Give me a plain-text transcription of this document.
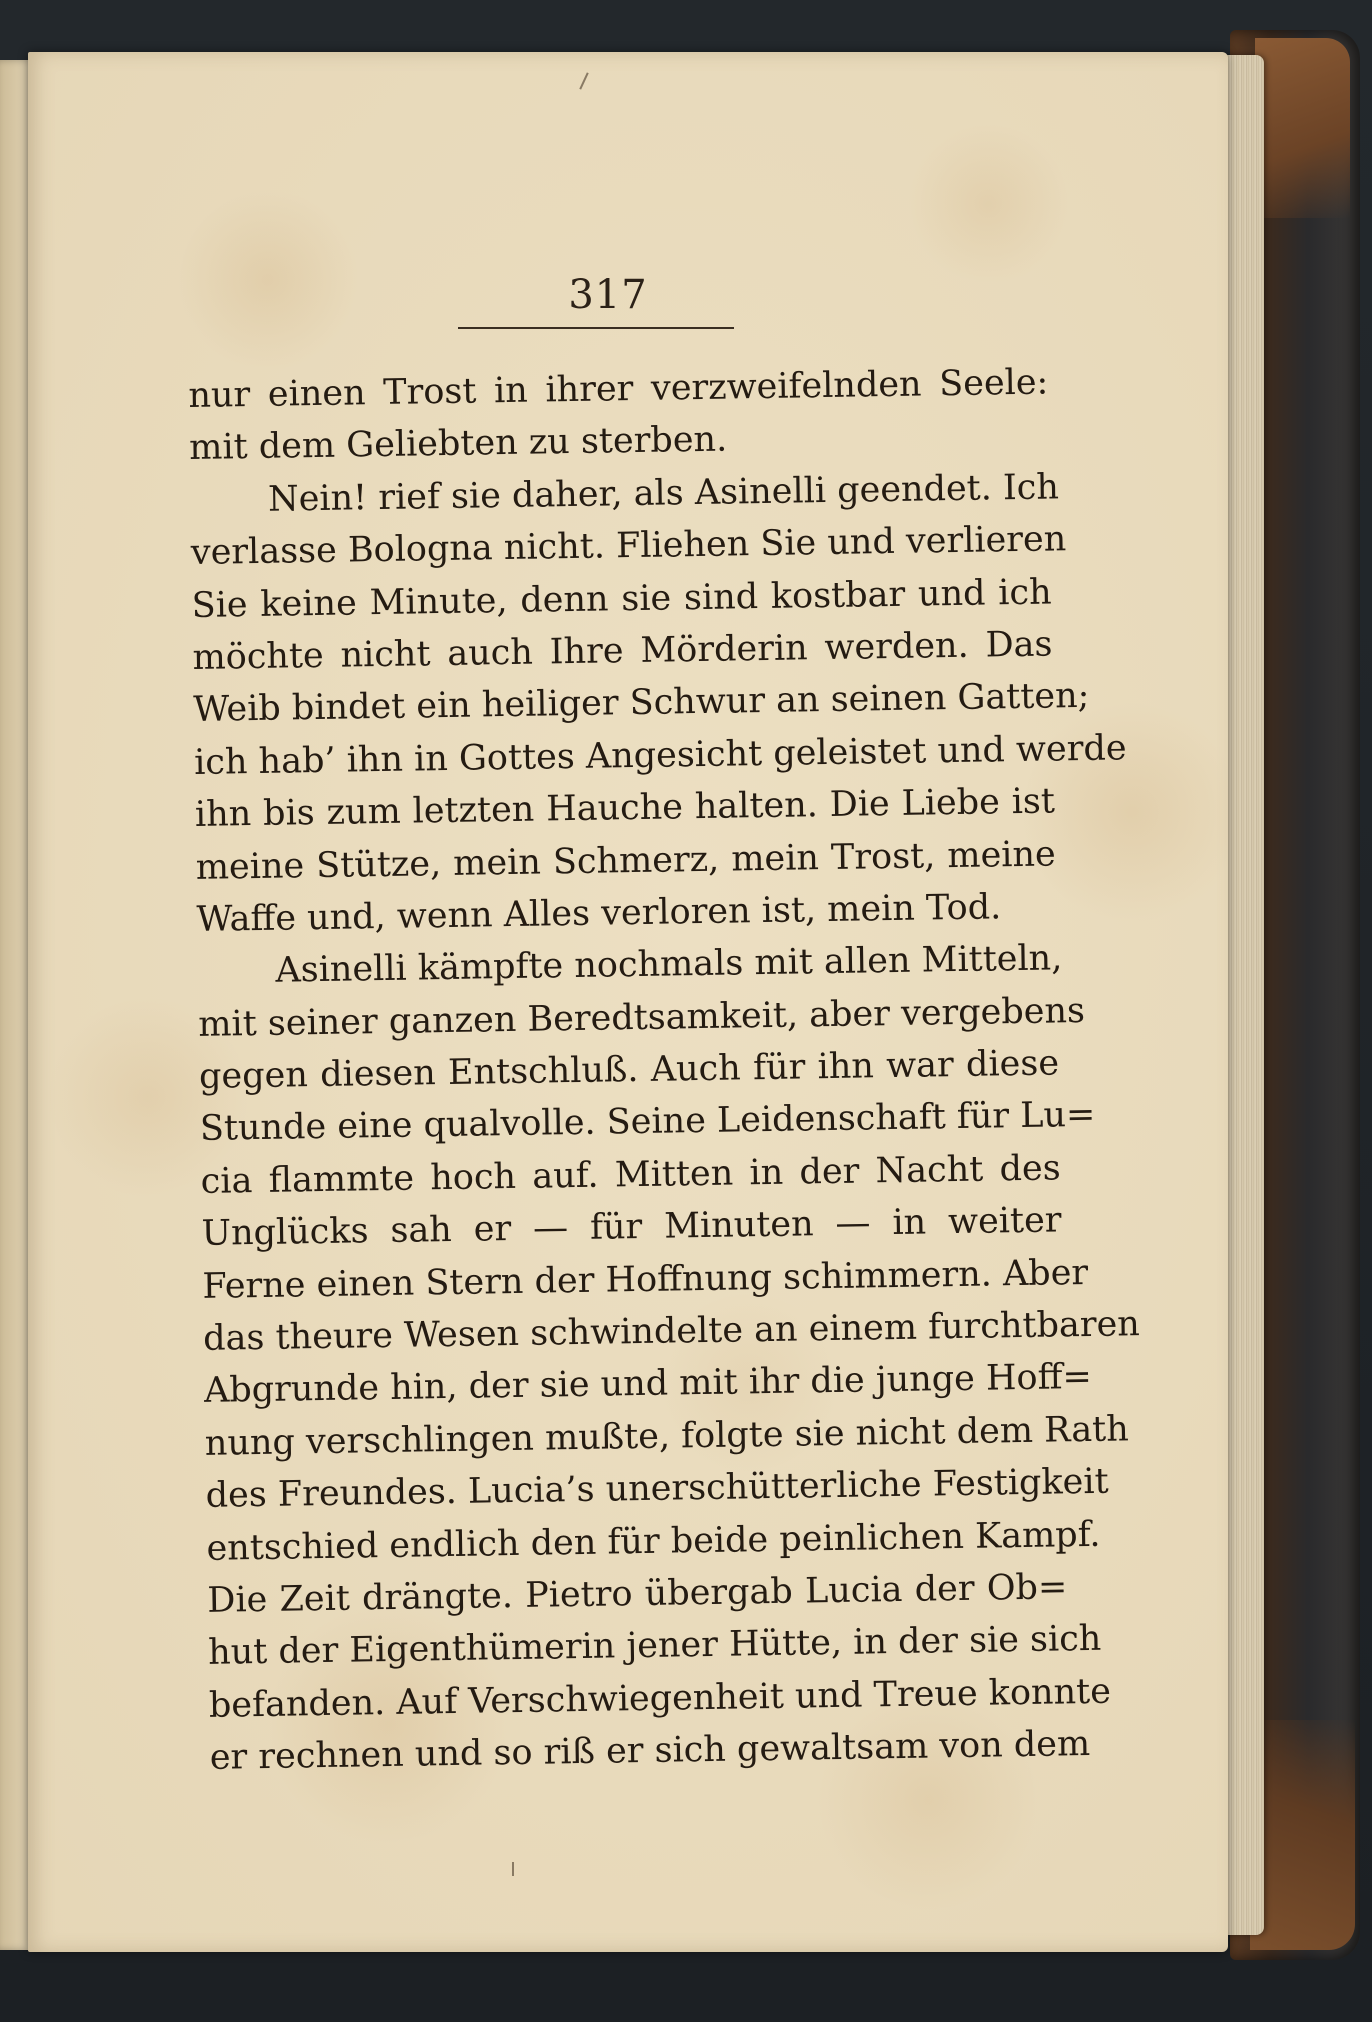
317
nur einen Trost in ihrer verzweifelnden Seele:
mit dem Geliebten zu sterben.
Nein! rief sie daher, als Asinelli geendet. Ich
verlasse Bologna nicht. Fliehen Sie und verlieren
Sie keine Minute, denn sie sind kostbar und ich
möchte nicht auch Ihre Mörderin werden. Das
Weib bindet ein heiliger Schwur an seinen Gatten;
ich hab’ ihn in Gottes Angesicht geleistet und werde
ihn bis zum letzten Hauche halten. Die Liebe ist
meine Stütze, mein Schmerz, mein Trost, meine
Waffe und, wenn Alles verloren ist, mein Tod.
Asinelli kämpfte nochmals mit allen Mitteln,
mit seiner ganzen Beredtsamkeit, aber vergebens
gegen diesen Entschluß. Auch für ihn war diese
Stunde eine qualvolle. Seine Leidenschaft für Lu=
cia flammte hoch auf. Mitten in der Nacht des
Unglücks sah er — für Minuten — in weiter
Ferne einen Stern der Hoffnung schimmern. Aber
das theure Wesen schwindelte an einem furchtbaren
Abgrunde hin, der sie und mit ihr die junge Hoff=
nung verschlingen mußte, folgte sie nicht dem Rath
des Freundes. Lucia’s unerschütterliche Festigkeit
entschied endlich den für beide peinlichen Kampf.
Die Zeit drängte. Pietro übergab Lucia der Ob=
hut der Eigenthümerin jener Hütte, in der sie sich
befanden. Auf Verschwiegenheit und Treue konnte
er rechnen und so riß er sich gewaltsam von dem
